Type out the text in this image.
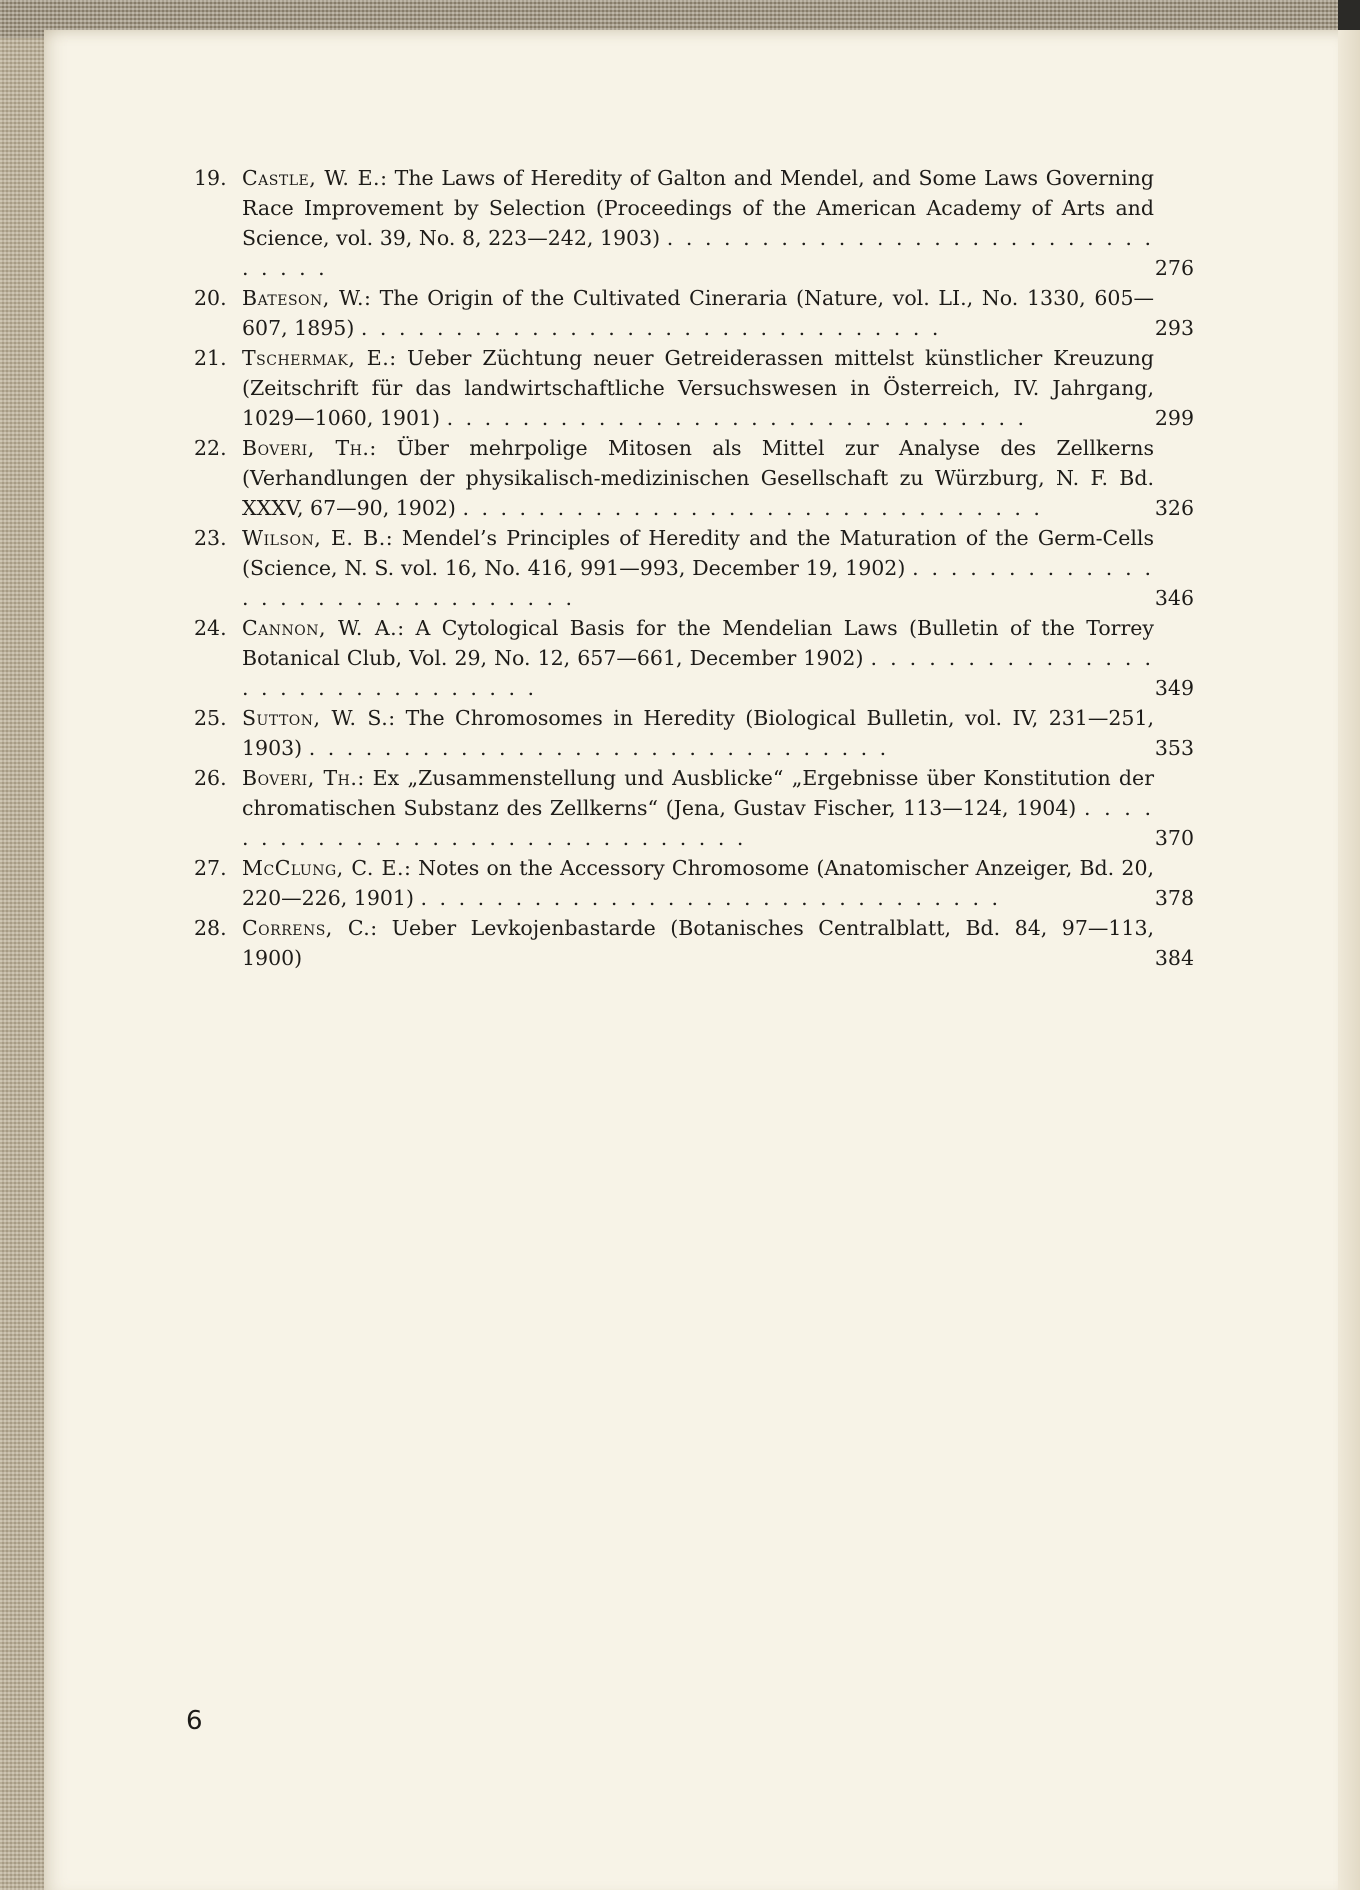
19. Castle, W. E.: The Laws of Heredity of Galton and Mendel, and Some Laws Governing Race Improvement by Selection (Proceedings of the American Academy of Arts and Science, vol. 39, No. 8, 223—242, 1903) . . . . . . . . . . . . . . . . . . . . . . . . . . . . . . .	276
20. Bateson, W.: The Origin of the Cultivated Cineraria (Nature, vol. LI., No. 1330, 605—607, 1895) . . . . . . . . . . . . . . . . . . . . . . . . . . . . . . .	293
21. Tschermak, E.: Ueber Züchtung neuer Getreiderassen mittelst künstlicher Kreuzung (Zeitschrift für das landwirtschaftliche Versuchswesen in Österreich, IV. Jahrgang, 1029—1060, 1901) . . . . . . . . . . . . . . . . . . . . . . . . . . . . . . .	299
22. Boveri, Th.: Über mehrpolige Mitosen als Mittel zur Analyse des Zellkerns (Verhandlungen der physikalisch-medizinischen Gesellschaft zu Würzburg, N. F. Bd. XXXV, 67—90, 1902) . . . . . . . . . . . . . . . . . . . . . . . . . . . . . . .	326
23. Wilson, E. B.: Mendel’s Principles of Heredity and the Maturation of the Germ-Cells (Science, N. S. vol. 16, No. 416, 991—993, December 19, 1902) . . . . . . . . . . . . . . . . . . . . . . . . . . . . . . .	346
24. Cannon, W. A.: A Cytological Basis for the Mendelian Laws (Bulletin of the Torrey Botanical Club, Vol. 29, No. 12, 657—661, December 1902) . . . . . . . . . . . . . . . . . . . . . . . . . . . . . . .	349
25. Sutton, W. S.: The Chromosomes in Heredity (Biological Bulletin, vol. IV, 231—251, 1903) . . . . . . . . . . . . . . . . . . . . . . . . . . . . . . .	353
26. Boveri, Th.: Ex „Zusammenstellung und Ausblicke“ „Ergebnisse über Konstitution der chromatischen Substanz des Zellkerns“ (Jena, Gustav Fischer, 113—124, 1904) . . . . . . . . . . . . . . . . . . . . . . . . . . . . . . .	370
27. McClung, C. E.: Notes on the Accessory Chromosome (Anatomischer Anzeiger, Bd. 20, 220—226, 1901) . . . . . . . . . . . . . . . . . . . . . . . . . . . . . . .	378
28. Correns, C.: Ueber Levkojenbastarde (Botanisches Centralblatt, Bd. 84, 97—113, 1900)	384
6
